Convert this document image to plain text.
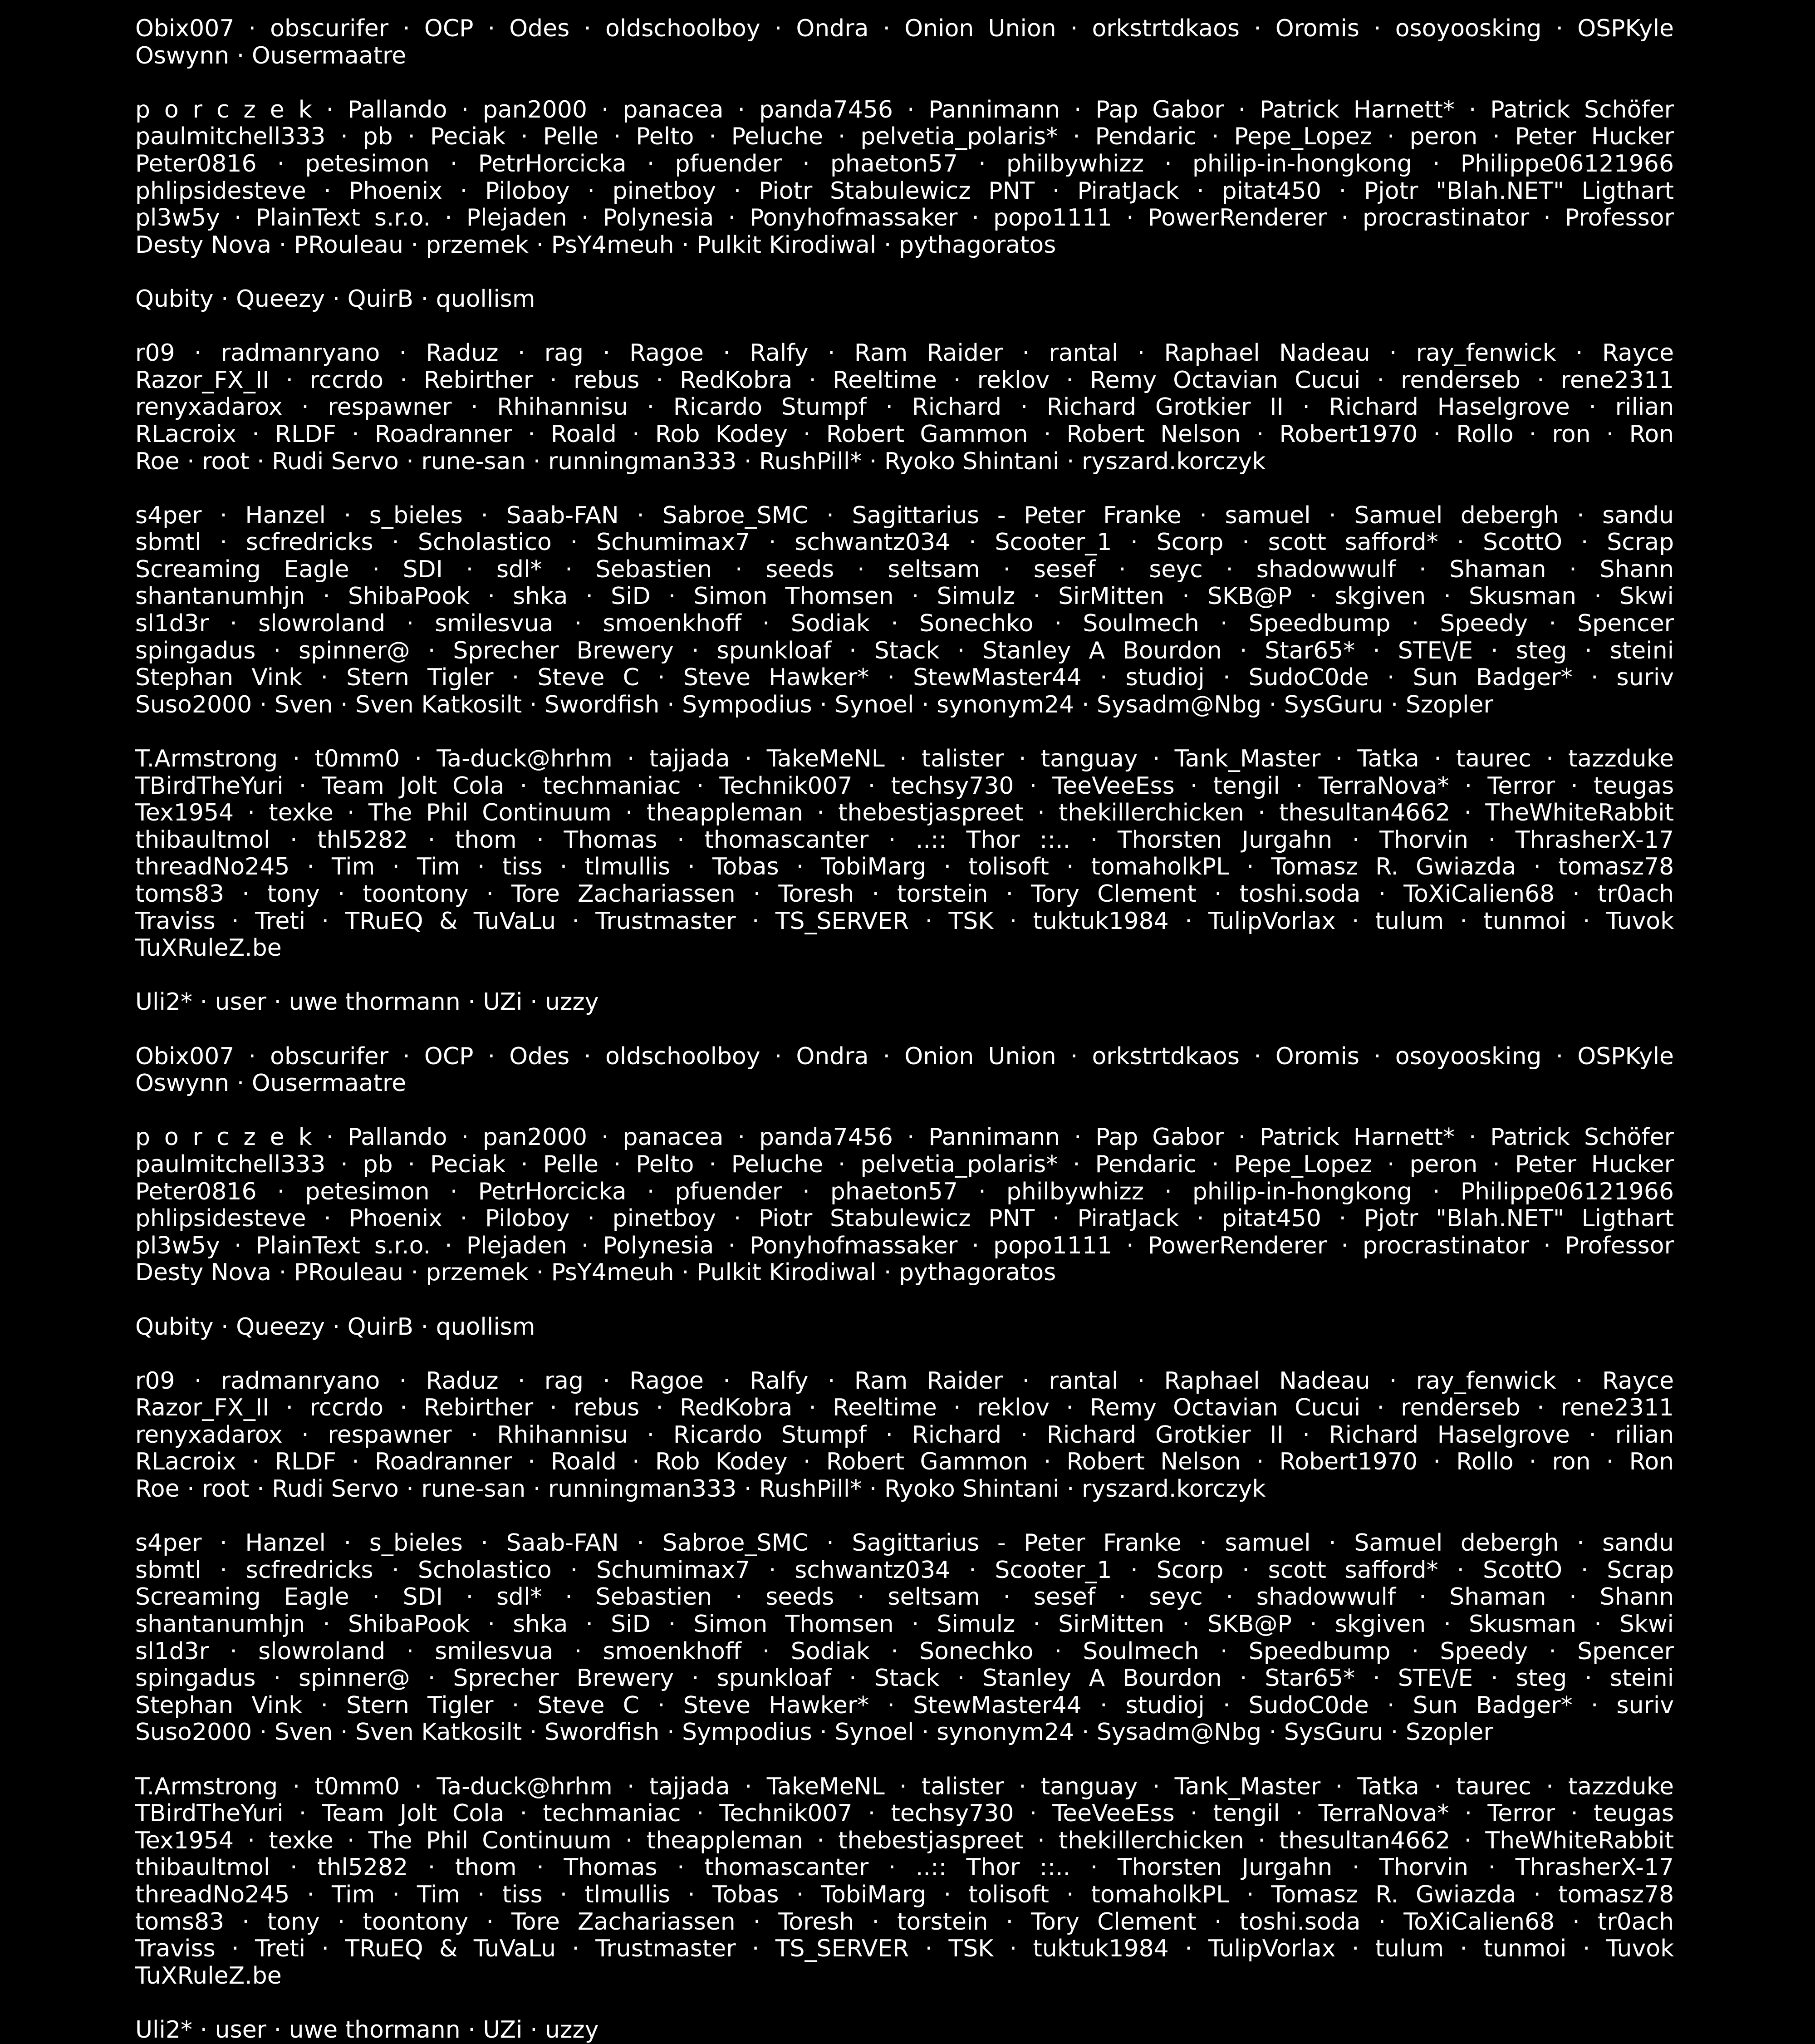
Obix007 · obscurifer · OCP · Odes · oldschoolboy · Ondra · Onion Union · orkstrtdkaos · Oromis · osoyoosking · OSPKyle
Oswynn · Ousermaatre
p o r c z e k · Pallando · pan2000 · panacea · panda7456 · Pannimann · Pap Gabor · Patrick Harnett* · Patrick Schöfer
paulmitchell333 · pb · Peciak · Pelle · Pelto · Peluche · pelvetia_polaris* · Pendaric · Pepe_Lopez · peron · Peter Hucker
Peter0816 · petesimon · PetrHorcicka · pfuender · phaeton57 · philbywhizz · philip-in-hongkong · Philippe06121966
phlipsidesteve · Phoenix · Piloboy · pinetboy · Piotr Stabulewicz PNT · PiratJack · pitat450 · Pjotr "Blah.NET" Ligthart
pl3w5y · PlainText s.r.o. · Plejaden · Polynesia · Ponyhofmassaker · popo1111 · PowerRenderer · procrastinator · Professor
Desty Nova · PRouleau · przemek · PsY4meuh · Pulkit Kirodiwal · pythagoratos
Qubity · Queezy · QuirB · quollism
r09 · radmanryano · Raduz · rag · Ragoe · Ralfy · Ram Raider · rantal · Raphael Nadeau · ray_fenwick · Rayce
Razor_FX_II · rccrdo · Rebirther · rebus · RedKobra · Reeltime · reklov · Remy Octavian Cucui · renderseb · rene2311
renyxadarox · respawner · Rhihannisu · Ricardo Stumpf · Richard · Richard Grotkier II · Richard Haselgrove · rilian
RLacroix · RLDF · Roadranner · Roald · Rob Kodey · Robert Gammon · Robert Nelson · Robert1970 · Rollo · ron · Ron
Roe · root · Rudi Servo · rune-san · runningman333 · RushPill* · Ryoko Shintani · ryszard.korczyk
s4per · Hanzel · s_bieles · Saab-FAN · Sabroe_SMC · Sagittarius - Peter Franke · samuel · Samuel debergh · sandu
sbmtl · scfredricks · Scholastico · Schumimax7 · schwantz034 · Scooter_1 · Scorp · scott safford* · ScottO · Scrap
Screaming Eagle · SDI · sdl* · Sebastien · seeds · seltsam · sesef · seyc · shadowwulf · Shaman · Shann
shantanumhjn · ShibaPook · shka · SiD · Simon Thomsen · Simulz · SirMitten · SKB@P · skgiven · Skusman · Skwi
sl1d3r · slowroland · smilesvua · smoenkhoff · Sodiak · Sonechko · Soulmech · Speedbump · Speedy · Spencer
spingadus · spinner@ · Sprecher Brewery · spunkloaf · Stack · Stanley A Bourdon · Star65* · STE\/E · steg · steini
Stephan Vink · Stern Tigler · Steve C · Steve Hawker* · StewMaster44 · studioj · SudoC0de · Sun Badger* · suriv
Suso2000 · Sven · Sven Katkosilt · Swordfish · Sympodius · Synoel · synonym24 · Sysadm@Nbg · SysGuru · Szopler
T.Armstrong · t0mm0 · Ta-duck@hrhm · tajjada · TakeMeNL · talister · tanguay · Tank_Master · Tatka · taurec · tazzduke
TBirdTheYuri · Team Jolt Cola · techmaniac · Technik007 · techsy730 · TeeVeeEss · tengil · TerraNova* · Terror · teugas
Tex1954 · texke · The Phil Continuum · theappleman · thebestjaspreet · thekillerchicken · thesultan4662 · TheWhiteRabbit
thibaultmol · thl5282 · thom · Thomas · thomascanter · ..:: Thor ::.. · Thorsten Jurgahn · Thorvin · ThrasherX-17
threadNo245 · Tim · Tim · tiss · tlmullis · Tobas · TobiMarg · tolisoft · tomaholkPL · Tomasz R. Gwiazda · tomasz78
toms83 · tony · toontony · Tore Zachariassen · Toresh · torstein · Tory Clement · toshi.soda · ToXiCalien68 · tr0ach
Traviss · Treti · TRuEQ & TuVaLu · Trustmaster · TS_SERVER · TSK · tuktuk1984 · TulipVorlax · tulum · tunmoi · Tuvok
TuXRuleZ.be
Uli2* · user · uwe thormann · UZi · uzzy
Obix007 · obscurifer · OCP · Odes · oldschoolboy · Ondra · Onion Union · orkstrtdkaos · Oromis · osoyoosking · OSPKyle
Oswynn · Ousermaatre
p o r c z e k · Pallando · pan2000 · panacea · panda7456 · Pannimann · Pap Gabor · Patrick Harnett* · Patrick Schöfer
paulmitchell333 · pb · Peciak · Pelle · Pelto · Peluche · pelvetia_polaris* · Pendaric · Pepe_Lopez · peron · Peter Hucker
Peter0816 · petesimon · PetrHorcicka · pfuender · phaeton57 · philbywhizz · philip-in-hongkong · Philippe06121966
phlipsidesteve · Phoenix · Piloboy · pinetboy · Piotr Stabulewicz PNT · PiratJack · pitat450 · Pjotr "Blah.NET" Ligthart
pl3w5y · PlainText s.r.o. · Plejaden · Polynesia · Ponyhofmassaker · popo1111 · PowerRenderer · procrastinator · Professor
Desty Nova · PRouleau · przemek · PsY4meuh · Pulkit Kirodiwal · pythagoratos
Qubity · Queezy · QuirB · quollism
r09 · radmanryano · Raduz · rag · Ragoe · Ralfy · Ram Raider · rantal · Raphael Nadeau · ray_fenwick · Rayce
Razor_FX_II · rccrdo · Rebirther · rebus · RedKobra · Reeltime · reklov · Remy Octavian Cucui · renderseb · rene2311
renyxadarox · respawner · Rhihannisu · Ricardo Stumpf · Richard · Richard Grotkier II · Richard Haselgrove · rilian
RLacroix · RLDF · Roadranner · Roald · Rob Kodey · Robert Gammon · Robert Nelson · Robert1970 · Rollo · ron · Ron
Roe · root · Rudi Servo · rune-san · runningman333 · RushPill* · Ryoko Shintani · ryszard.korczyk
s4per · Hanzel · s_bieles · Saab-FAN · Sabroe_SMC · Sagittarius - Peter Franke · samuel · Samuel debergh · sandu
sbmtl · scfredricks · Scholastico · Schumimax7 · schwantz034 · Scooter_1 · Scorp · scott safford* · ScottO · Scrap
Screaming Eagle · SDI · sdl* · Sebastien · seeds · seltsam · sesef · seyc · shadowwulf · Shaman · Shann
shantanumhjn · ShibaPook · shka · SiD · Simon Thomsen · Simulz · SirMitten · SKB@P · skgiven · Skusman · Skwi
sl1d3r · slowroland · smilesvua · smoenkhoff · Sodiak · Sonechko · Soulmech · Speedbump · Speedy · Spencer
spingadus · spinner@ · Sprecher Brewery · spunkloaf · Stack · Stanley A Bourdon · Star65* · STE\/E · steg · steini
Stephan Vink · Stern Tigler · Steve C · Steve Hawker* · StewMaster44 · studioj · SudoC0de · Sun Badger* · suriv
Suso2000 · Sven · Sven Katkosilt · Swordfish · Sympodius · Synoel · synonym24 · Sysadm@Nbg · SysGuru · Szopler
T.Armstrong · t0mm0 · Ta-duck@hrhm · tajjada · TakeMeNL · talister · tanguay · Tank_Master · Tatka · taurec · tazzduke
TBirdTheYuri · Team Jolt Cola · techmaniac · Technik007 · techsy730 · TeeVeeEss · tengil · TerraNova* · Terror · teugas
Tex1954 · texke · The Phil Continuum · theappleman · thebestjaspreet · thekillerchicken · thesultan4662 · TheWhiteRabbit
thibaultmol · thl5282 · thom · Thomas · thomascanter · ..:: Thor ::.. · Thorsten Jurgahn · Thorvin · ThrasherX-17
threadNo245 · Tim · Tim · tiss · tlmullis · Tobas · TobiMarg · tolisoft · tomaholkPL · Tomasz R. Gwiazda · tomasz78
toms83 · tony · toontony · Tore Zachariassen · Toresh · torstein · Tory Clement · toshi.soda · ToXiCalien68 · tr0ach
Traviss · Treti · TRuEQ & TuVaLu · Trustmaster · TS_SERVER · TSK · tuktuk1984 · TulipVorlax · tulum · tunmoi · Tuvok
TuXRuleZ.be
Uli2* · user · uwe thormann · UZi · uzzy
